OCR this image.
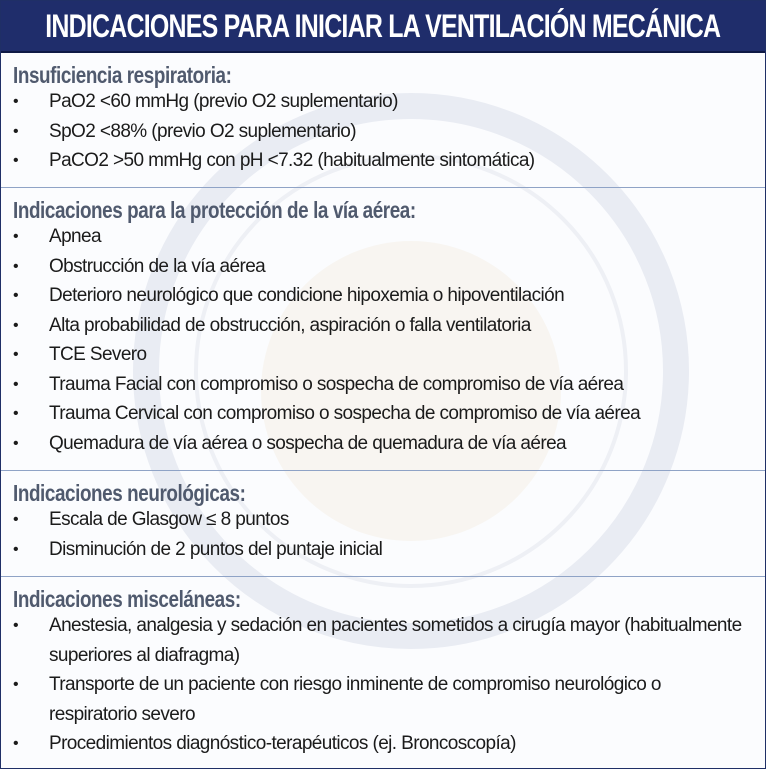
INDICACIONES PARA INICIAR LA VENTILACIÓN MECÁNICA
Insuficiencia respiratoria:
•	PaO2 <60 mmHg (previo O2 suplementario)
•	SpO2 <88% (previo O2 suplementario)
•	PaCO2 >50 mmHg con pH <7.32 (habitualmente sintomática)
Indicaciones para la protección de la vía aérea:
•	Apnea
•	Obstrucción de la vía aérea
•	Deterioro neurológico que condicione hipoxemia o hipoventilación
•	Alta probabilidad de obstrucción, aspiración o falla ventilatoria
•	TCE Severo
•	Trauma Facial con compromiso o sospecha de compromiso de vía aérea
•	Trauma Cervical con compromiso o sospecha de compromiso de vía aérea
•	Quemadura de vía aérea o sospecha de quemadura de vía aérea
Indicaciones neurológicas:
•	Escala de Glasgow ≤ 8 puntos
•	Disminución de 2 puntos del puntaje inicial
Indicaciones misceláneas:
•	Anestesia, analgesia y sedación en pacientes sometidos a cirugía mayor (habitualmente superiores al diafragma)
•	Transporte de un paciente con riesgo inminente de compromiso neurológico o respiratorio severo
•	Procedimientos diagnóstico-terapéuticos (ej. Broncoscopía)
